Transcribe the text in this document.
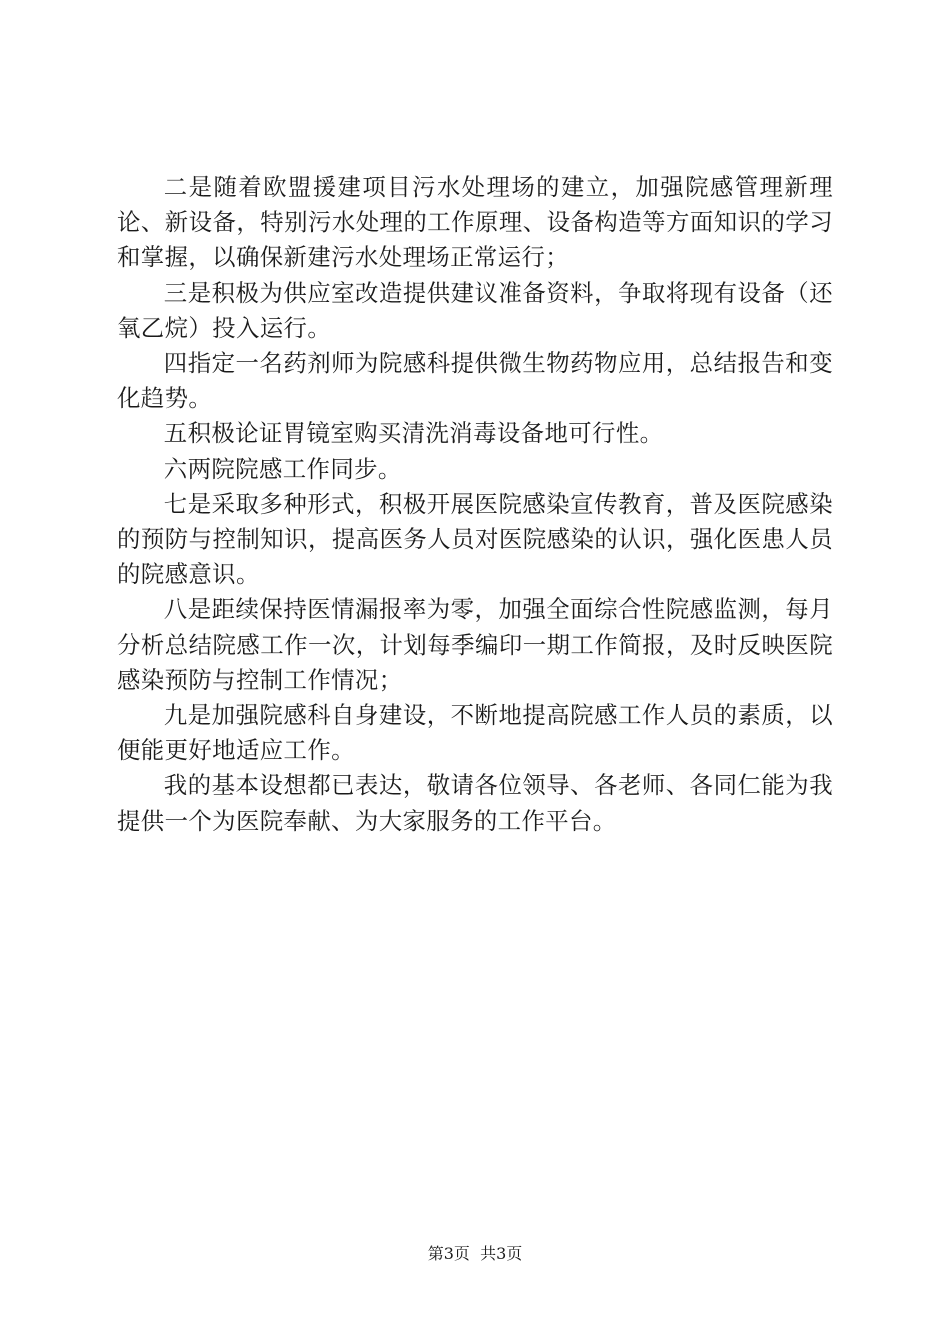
二是随着欧盟援建项目污水处理场的建立，加强院感管理新理论、新设备，特别污水处理的工作原理、设备构造等方面知识的学习和掌握，以确保新建污水处理场正常运行；

三是积极为供应室改造提供建议准备资料，争取将现有设备（还氧乙烷）投入运行。

四指定一名药剂师为院感科提供微生物药物应用，总结报告和变化趋势。

五积极论证胃镜室购买清洗消毒设备地可行性。

六两院院感工作同步。

七是采取多种形式，积极开展医院感染宣传教育，普及医院感染的预防与控制知识，提高医务人员对医院感染的认识，强化医患人员的院感意识。

八是距续保持医情漏报率为零，加强全面综合性院感监测，每月分析总结院感工作一次，计划每季编印一期工作简报，及时反映医院感染预防与控制工作情况；

九是加强院感科自身建设，不断地提高院感工作人员的素质，以便能更好地适应工作。

我的基本设想都已表达，敬请各位领导、各老师、各同仁能为我提供一个为医院奉献、为大家服务的工作平台。

第3页  共3页
